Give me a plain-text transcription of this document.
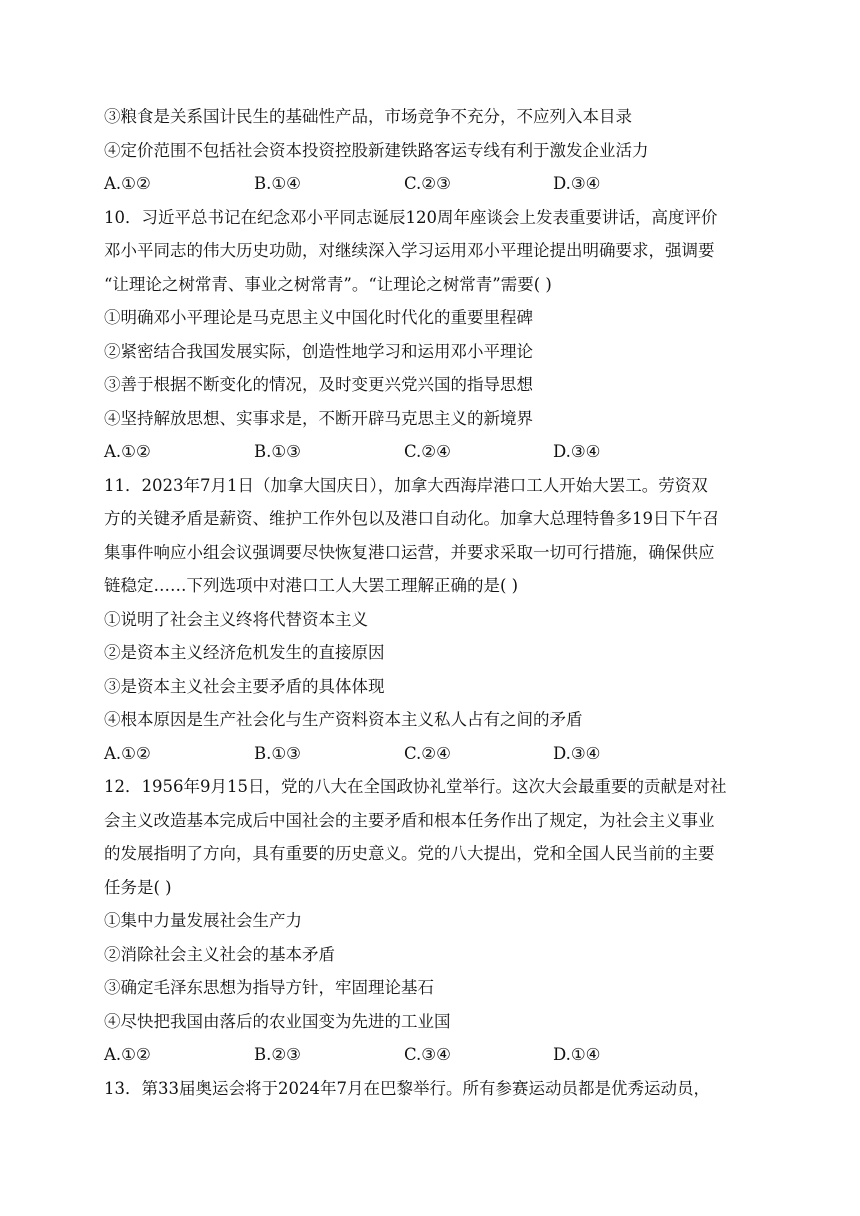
③粮食是关系国计民生的基础性产品，市场竞争不充分，不应列入本目录
④定价范围不包括社会资本投资控股新建铁路客运专线有利于激发企业活力
A.①②	B.①④	C.②③	D.③④
10．习近平总书记在纪念邓小平同志诞辰120周年座谈会上发表重要讲话，高度评价
邓小平同志的伟大历史功勋，对继续深入学习运用邓小平理论提出明确要求，强调要
“让理论之树常青、事业之树常青”。“让理论之树常青”需要( )
①明确邓小平理论是马克思主义中国化时代化的重要里程碑
②紧密结合我国发展实际，创造性地学习和运用邓小平理论
③善于根据不断变化的情况，及时变更兴党兴国的指导思想
④坚持解放思想、实事求是，不断开辟马克思主义的新境界
A.①②	B.①③	C.②④	D.③④
11．2023年7月1日（加拿大国庆日），加拿大西海岸港口工人开始大罢工。劳资双
方的关键矛盾是薪资、维护工作外包以及港口自动化。加拿大总理特鲁多19日下午召
集事件响应小组会议强调要尽快恢复港口运营，并要求采取一切可行措施，确保供应
链稳定……下列选项中对港口工人大罢工理解正确的是( )
①说明了社会主义终将代替资本主义
②是资本主义经济危机发生的直接原因
③是资本主义社会主要矛盾的具体体现
④根本原因是生产社会化与生产资料资本主义私人占有之间的矛盾
A.①②	B.①③	C.②④	D.③④
12．1956年9月15日，党的八大在全国政协礼堂举行。这次大会最重要的贡献是对社
会主义改造基本完成后中国社会的主要矛盾和根本任务作出了规定，为社会主义事业
的发展指明了方向，具有重要的历史意义。党的八大提出，党和全国人民当前的主要
任务是( )
①集中力量发展社会生产力
②消除社会主义社会的基本矛盾
③确定毛泽东思想为指导方针，牢固理论基石
④尽快把我国由落后的农业国变为先进的工业国
A.①②	B.②③	C.③④	D.①④
13．第33届奥运会将于2024年7月在巴黎举行。所有参赛运动员都是优秀运动员，
